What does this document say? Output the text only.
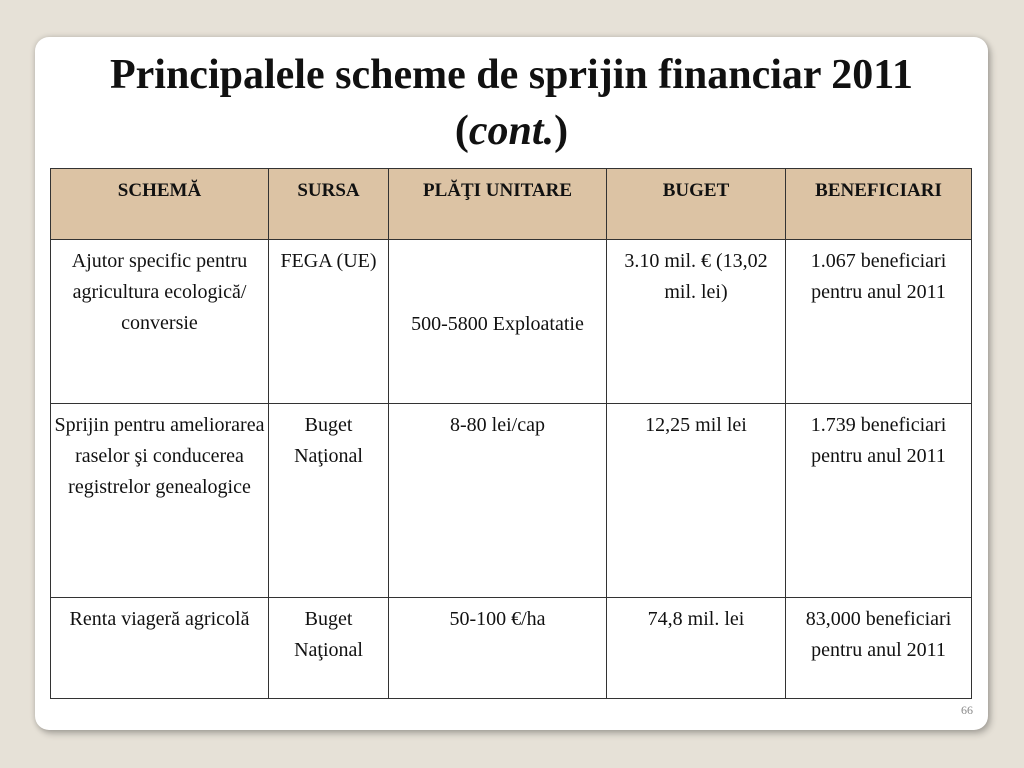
Principalele scheme de sprijin financiar 2011
(cont.)
SCHEMĂ	SURSA	PLĂŢI UNITARE	BUGET	BENEFICIARI
Ajutor specific pentru agricultura ecologică/ conversie	FEGA (UE)	500-5800 Exploatatie	3.10 mil. € (13,02 mil. lei)	1.067 beneficiari pentru anul 2011
Sprijin pentru ameliorarea raselor şi conducerea registrelor genealogice	Buget Naţional	8-80 lei/cap	12,25 mil lei	1.739 beneficiari pentru anul 2011
Renta viageră agricolă	Buget Naţional	50-100 €/ha	74,8 mil. lei	83,000 beneficiari pentru anul 2011
66
